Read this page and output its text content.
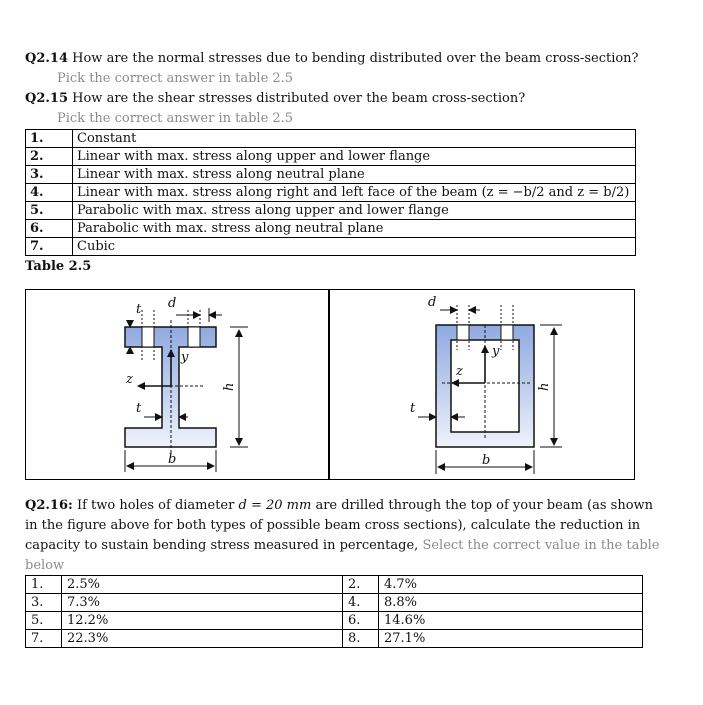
Q2.14 How are the normal stresses due to bending distributed over the beam cross-section?
Pick the correct answer in table 2.5
Q2.15 How are the shear stresses distributed over the beam cross-section?
Pick the correct answer in table 2.5
1.	Constant
2.	Linear with max. stress along upper and lower flange
3.	Linear with max. stress along neutral plane
4.	Linear with max. stress along right and left face of the beam (z = −b/2 and z = b/2)
5.	Parabolic with max. stress along upper and lower flange
6.	Parabolic with max. stress along neutral plane
7.	Cubic
Table 2.5
t d
y
z
t
h
b
d
y
z
t
h
b
Q2.16: If two holes of diameter d = 20 mm are drilled through the top of your beam (as shown
in the figure above for both types of possible beam cross sections), calculate the reduction in
capacity to sustain bending stress measured in percentage, Select the correct value in the table
below
1.	2.5%	2.	4.7%
3.	7.3%	4.	8.8%
5.	12.2%	6.	14.6%
7.	22.3%	8.	27.1%
